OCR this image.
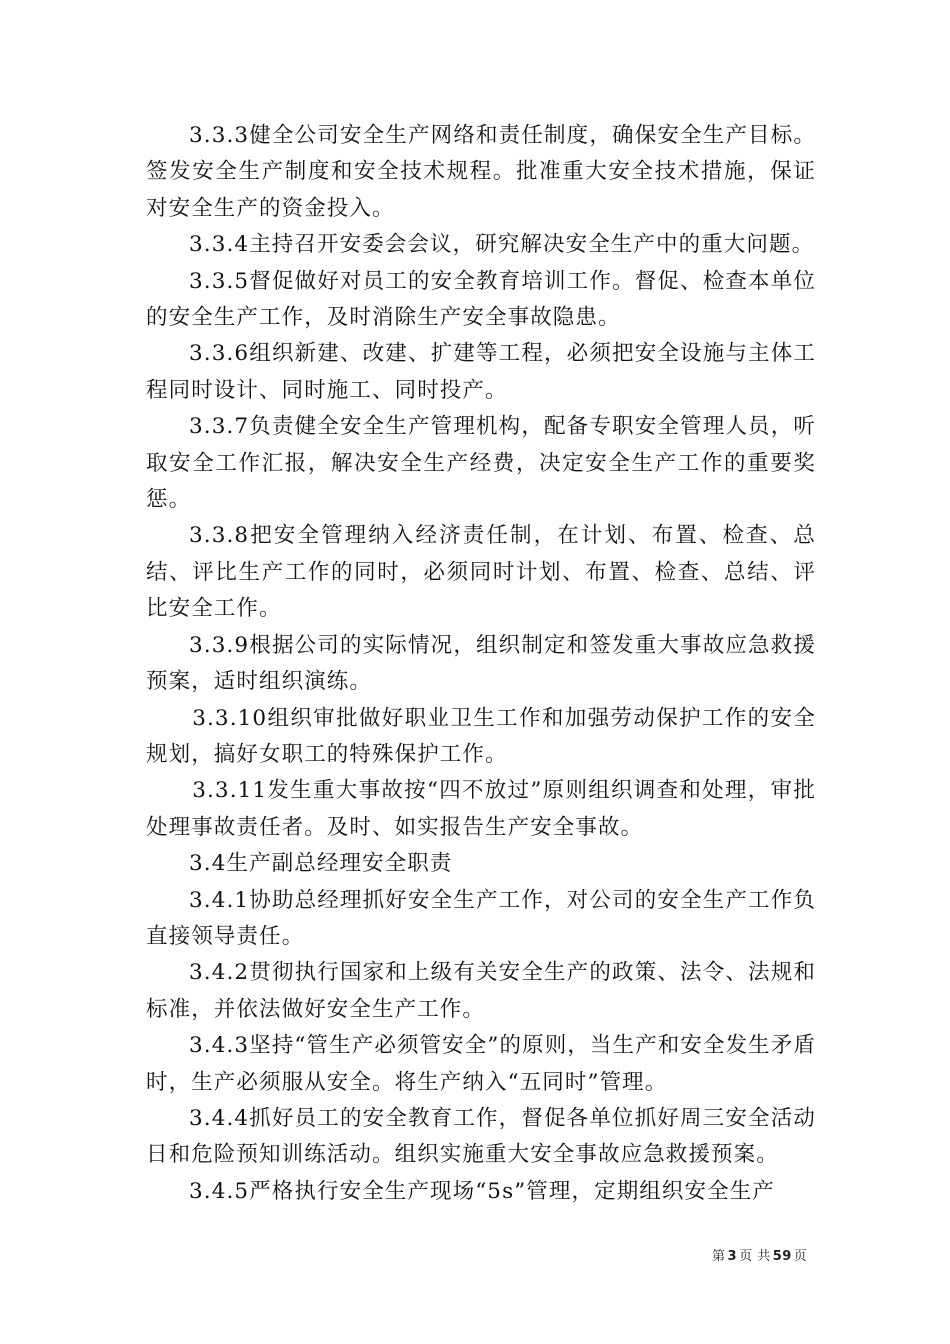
3.3.3健全公司安全生产网络和责任制度，确保安全生产目标。签发安全生产制度和安全技术规程。批准重大安全技术措施，保证对安全生产的资金投入。

3.3.4主持召开安委会会议，研究解决安全生产中的重大问题。

3.3.5督促做好对员工的安全教育培训工作。督促、检查本单位的安全生产工作，及时消除生产安全事故隐患。

3.3.6组织新建、改建、扩建等工程，必须把安全设施与主体工程同时设计、同时施工、同时投产。

3.3.7负责健全安全生产管理机构，配备专职安全管理人员，听取安全工作汇报，解决安全生产经费，决定安全生产工作的重要奖惩。

3.3.8把安全管理纳入经济责任制，在计划、布置、检查、总结、评比生产工作的同时，必须同时计划、布置、检查、总结、评比安全工作。

3.3.9根据公司的实际情况，组织制定和签发重大事故应急救援预案，适时组织演练。

3.3.10组织审批做好职业卫生工作和加强劳动保护工作的安全规划，搞好女职工的特殊保护工作。

3.3.11发生重大事故按“四不放过”原则组织调查和处理，审批处理事故责任者。及时、如实报告生产安全事故。

3.4生产副总经理安全职责

3.4.1协助总经理抓好安全生产工作，对公司的安全生产工作负直接领导责任。

3.4.2贯彻执行国家和上级有关安全生产的政策、法令、法规和标准，并依法做好安全生产工作。

3.4.3坚持“管生产必须管安全”的原则，当生产和安全发生矛盾时，生产必须服从安全。将生产纳入“五同时”管理。

3.4.4抓好员工的安全教育工作，督促各单位抓好周三安全活动日和危险预知训练活动。组织实施重大安全事故应急救援预案。

3.4.5严格执行安全生产现场“5s”管理，定期组织安全生产

第 3 页 共 59 页
